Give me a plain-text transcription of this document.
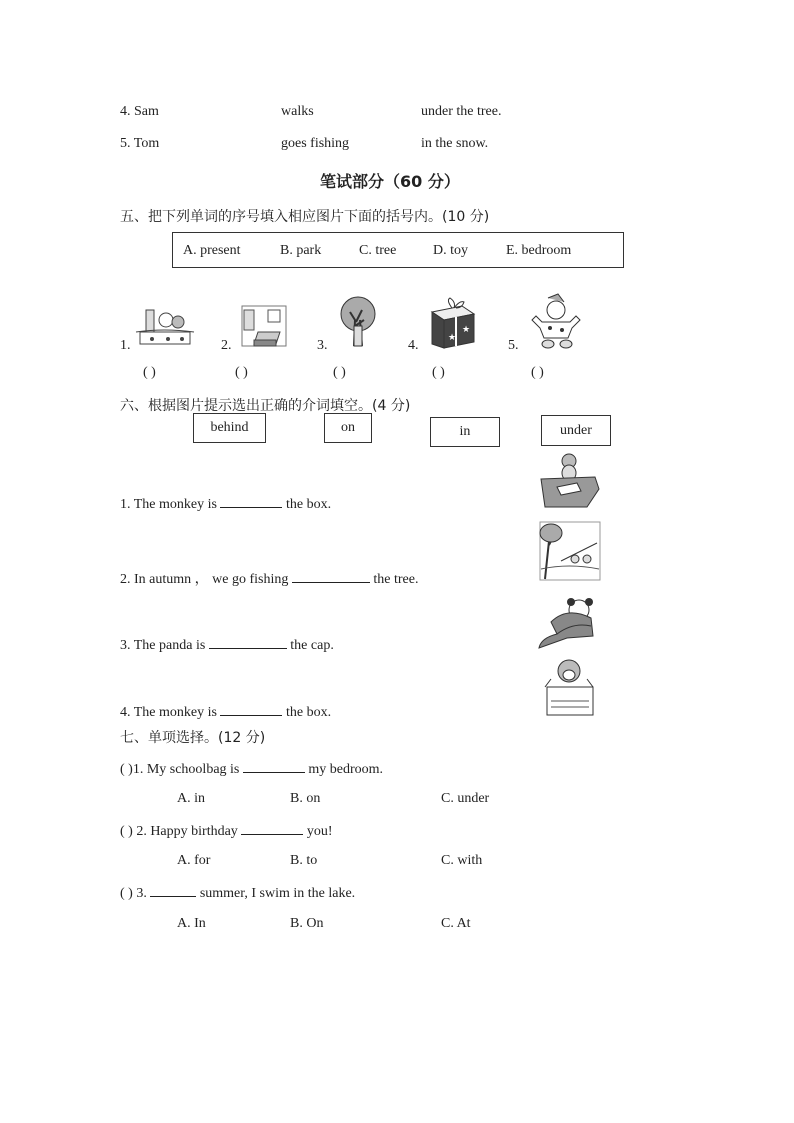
4. Sam	walks	under the tree.
5. Tom	goes fishing	in the snow.
笔试部分（60 分）
五、把下列单词的序号填入相应图片下面的括号内。(10 分)
A. present	B. park	C. tree	D. toy	E. bedroom
1.	2.	3.	4.	5.
★
★
( )	( )	( )	( )	( )
六、根据图片提示选出正确的介词填空。(4 分)
behind	on	in	under
1. The monkey is	the box.
2. In autumn ， we go fishing	the tree.
3. The panda is	the cap.
4. The monkey is	the box.
七、单项选择。(12 分)
( )1. My schoolbag is	my bedroom.
A. in	B. on	C. under
( ) 2. Happy birthday	you!
A. for	B. to	C. with
( ) 3.	summer, I swim in the lake.
A. In	B. On	C. At
